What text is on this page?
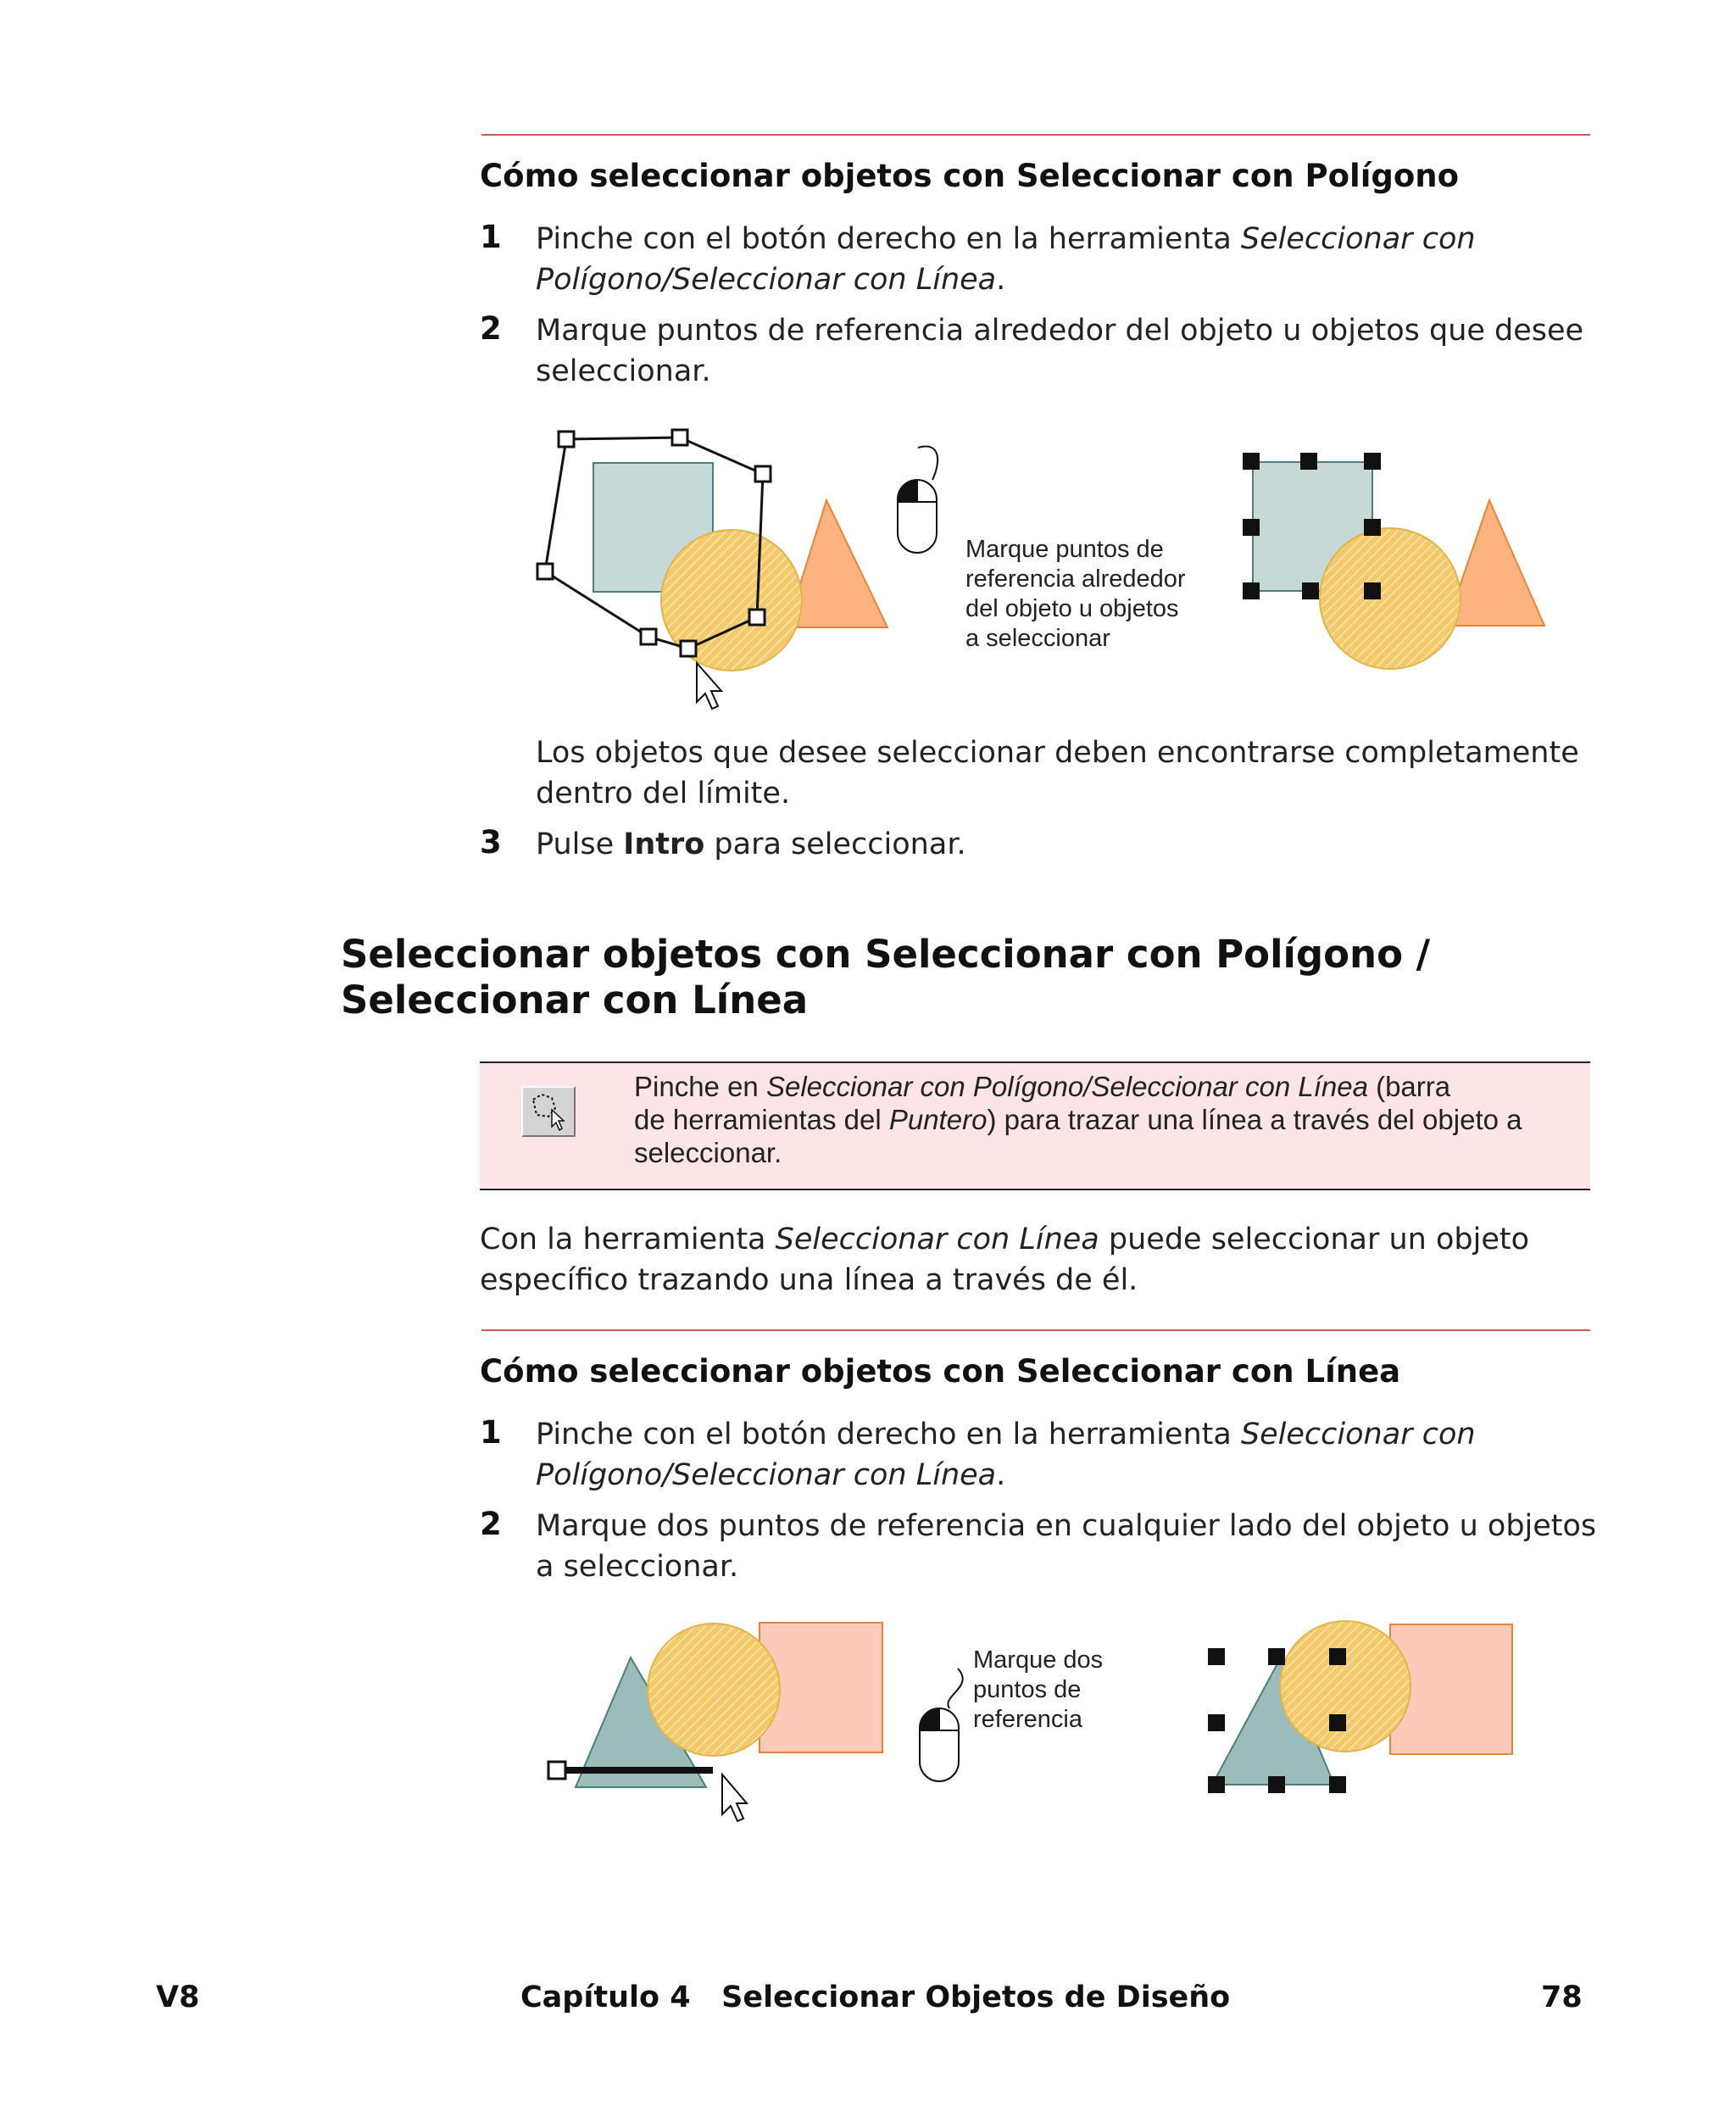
Cómo seleccionar objetos con Seleccionar con Polígono
1 Pinche con el botón derecho en la herramienta Seleccionar con
Polígono/Seleccionar con Línea.
2 Marque puntos de referencia alrededor del objeto u objetos que desee
seleccionar.
Marque puntos de
referencia alrededor
del objeto u objetos
a seleccionar
Los objetos que desee seleccionar deben encontrarse completamente
dentro del límite.
3 Pulse Intro para seleccionar.
Seleccionar objetos con Seleccionar con Polígono /
Seleccionar con Línea
Pinche en Seleccionar con Polígono/Seleccionar con Línea (barra
de herramientas del Puntero) para trazar una línea a través del objeto a
seleccionar.
Con la herramienta Seleccionar con Línea puede seleccionar un objeto
específico trazando una línea a través de él.
Cómo seleccionar objetos con Seleccionar con Línea
1 Pinche con el botón derecho en la herramienta Seleccionar con
Polígono/Seleccionar con Línea.
2 Marque dos puntos de referencia en cualquier lado del objeto u objetos
a seleccionar.
Marque dos
puntos de
referencia
V8	Capítulo 4   Seleccionar Objetos de Diseño	78
